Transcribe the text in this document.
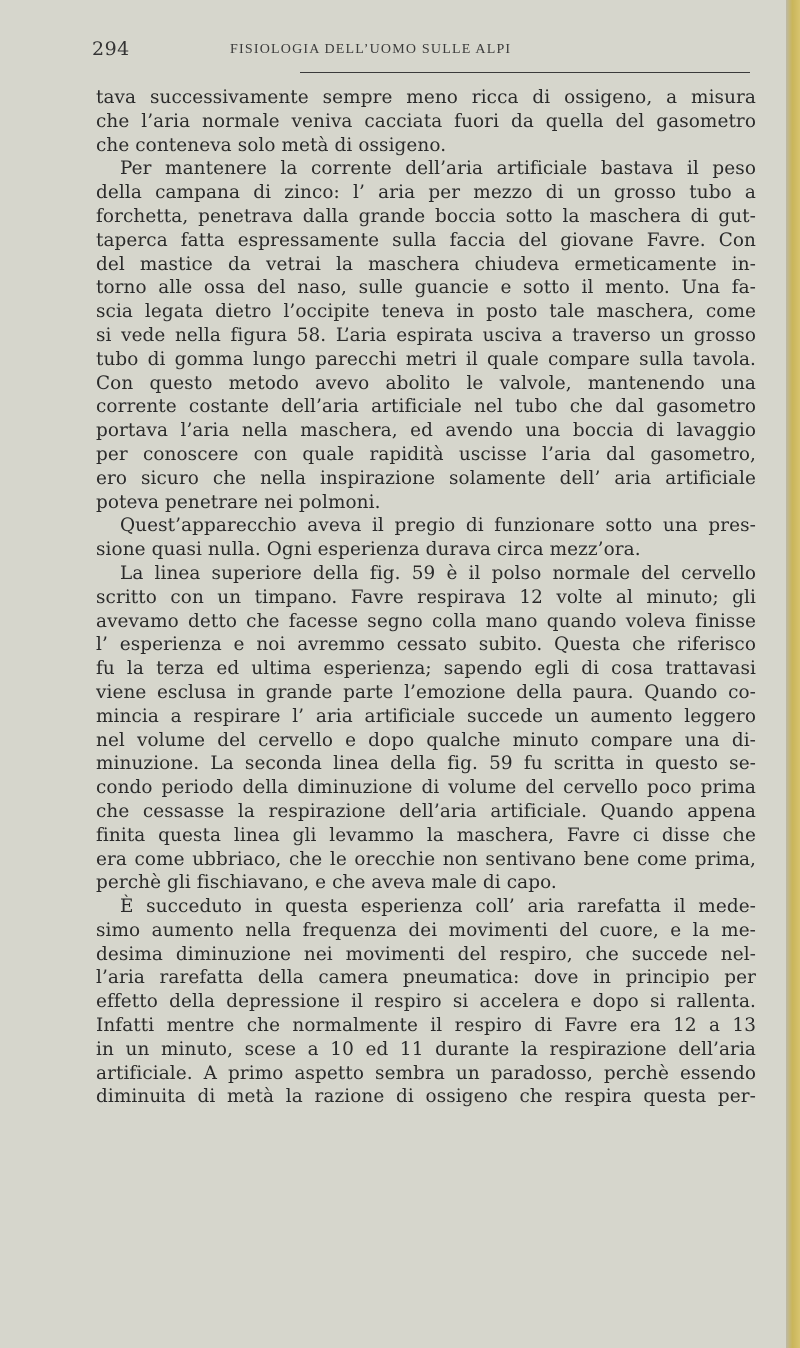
294	FISIOLOGIA DELL’UOMO SULLE ALPI
tava successivamente sempre meno ricca di ossigeno, a misura
che l’aria normale veniva cacciata fuori da quella del gasometro
che conteneva solo metà di ossigeno.
Per mantenere la corrente dell’aria artificiale bastava il peso
della campana di zinco: l’ aria per mezzo di un grosso tubo a
forchetta, penetrava dalla grande boccia sotto la maschera di gut-
taperca fatta espressamente sulla faccia del giovane Favre. Con
del mastice da vetrai la maschera chiudeva ermeticamente in-
torno alle ossa del naso, sulle guancie e sotto il mento. Una fa-
scia legata dietro l’occipite teneva in posto tale maschera, come
si vede nella figura 58. L’aria espirata usciva a traverso un grosso
tubo di gomma lungo parecchi metri il quale compare sulla tavola.
Con questo metodo avevo abolito le valvole, mantenendo una
corrente costante dell’aria artificiale nel tubo che dal gasometro
portava l’aria nella maschera, ed avendo una boccia di lavaggio
per conoscere con quale rapidità uscisse l’aria dal gasometro,
ero sicuro che nella inspirazione solamente dell’ aria artificiale
poteva penetrare nei polmoni.
Quest’apparecchio aveva il pregio di funzionare sotto una pres-
sione quasi nulla. Ogni esperienza durava circa mezz’ora.
La linea superiore della fig. 59 è il polso normale del cervello
scritto con un timpano. Favre respirava 12 volte al minuto; gli
avevamo detto che facesse segno colla mano quando voleva finisse
l’ esperienza e noi avremmo cessato subito. Questa che riferisco
fu la terza ed ultima esperienza; sapendo egli di cosa trattavasi
viene esclusa in grande parte l’emozione della paura. Quando co-
mincia a respirare l’ aria artificiale succede un aumento leggero
nel volume del cervello e dopo qualche minuto compare una di-
minuzione. La seconda linea della fig. 59 fu scritta in questo se-
condo periodo della diminuzione di volume del cervello poco prima
che cessasse la respirazione dell’aria artificiale. Quando appena
finita questa linea gli levammo la maschera, Favre ci disse che
era come ubbriaco, che le orecchie non sentivano bene come prima,
perchè gli fischiavano, e che aveva male di capo.
È succeduto in questa esperienza coll’ aria rarefatta il mede-
simo aumento nella frequenza dei movimenti del cuore, e la me-
desima diminuzione nei movimenti del respiro, che succede nel-
l’aria rarefatta della camera pneumatica: dove in principio per
effetto della depressione il respiro si accelera e dopo si rallenta.
Infatti mentre che normalmente il respiro di Favre era 12 a 13
in un minuto, scese a 10 ed 11 durante la respirazione dell’aria
artificiale. A primo aspetto sembra un paradosso, perchè essendo
diminuita di metà la razione di ossigeno che respira questa per-
